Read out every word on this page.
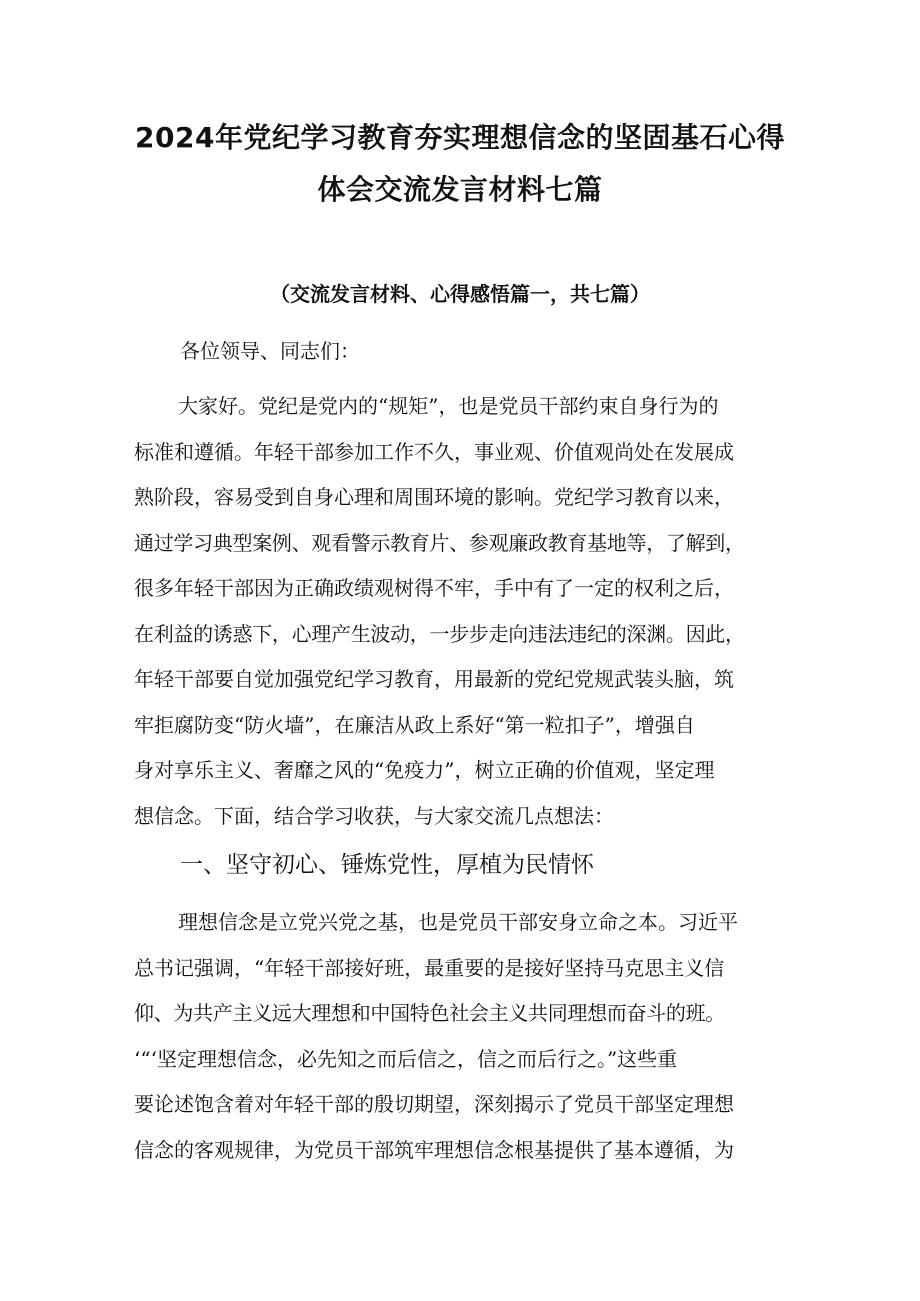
2024年党纪学习教育夯实理想信念的坚固基石心得
体会交流发言材料七篇

（交流发言材料、心得感悟篇一，共七篇）

各位领导、同志们：

大家好。党纪是党内的“规矩”，也是党员干部约束自身行为的
标准和遵循。年轻干部参加工作不久，事业观、价值观尚处在发展成
熟阶段，容易受到自身心理和周围环境的影响。党纪学习教育以来，
通过学习典型案例、观看警示教育片、参观廉政教育基地等，了解到，
很多年轻干部因为正确政绩观树得不牢，手中有了一定的权利之后，
在利益的诱惑下，心理产生波动，一步步走向违法违纪的深渊。因此，
年轻干部要自觉加强党纪学习教育，用最新的党纪党规武装头脑，筑
牢拒腐防变“防火墙”，在廉洁从政上系好“第一粒扣子”，增强自
身对享乐主义、奢靡之风的“免疫力”，树立正确的价值观，坚定理
想信念。下面，结合学习收获，与大家交流几点想法：

一、坚守初心、锤炼党性，厚植为民情怀

理想信念是立党兴党之基，也是党员干部安身立命之本。习近平
总书记强调，“年轻干部接好班，最重要的是接好坚持马克思主义信
仰、为共产主义远大理想和中国特色社会主义共同理想而奋斗的班。
‘“‘坚定理想信念，必先知之而后信之，信之而后行之。”这些重
要论述饱含着对年轻干部的殷切期望，深刻揭示了党员干部坚定理想
信念的客观规律，为党员干部筑牢理想信念根基提供了基本遵循，为
